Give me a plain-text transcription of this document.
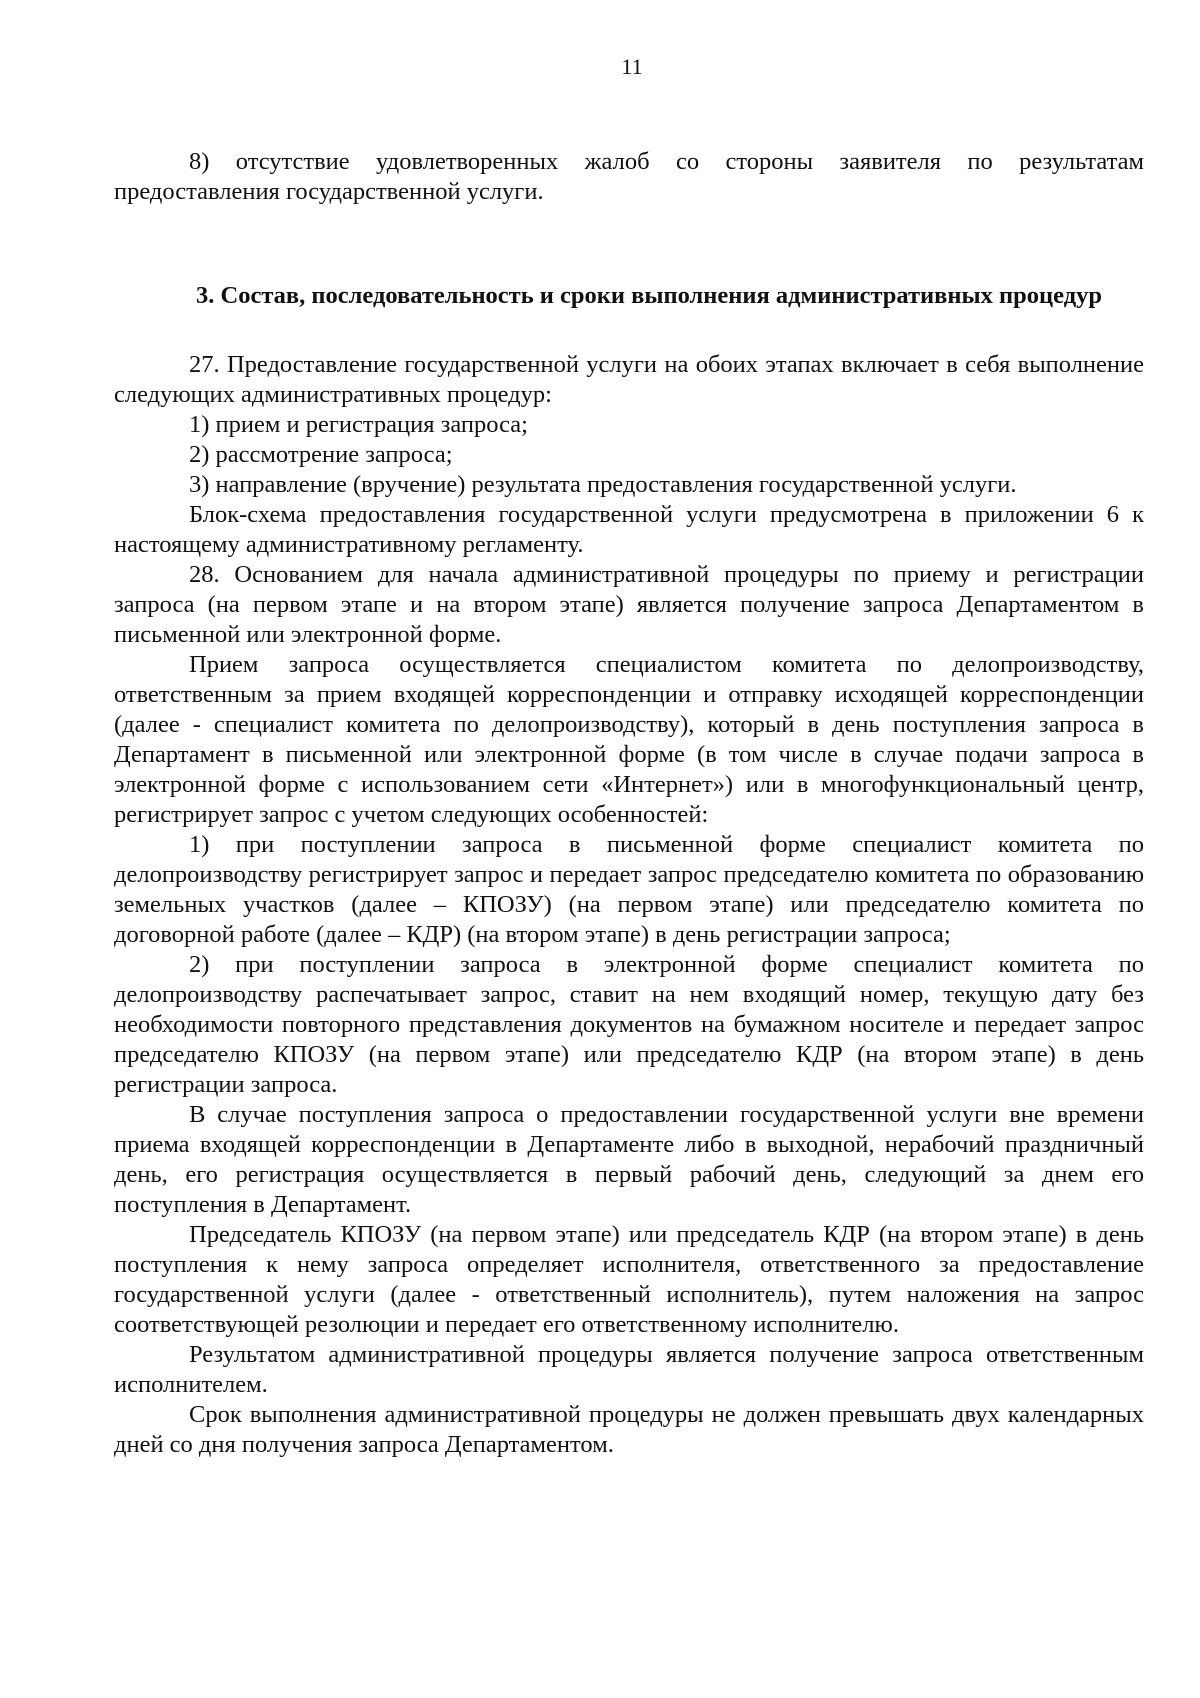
11

8) отсутствие удовлетворенных жалоб со стороны заявителя по результатам предоставления государственной услуги.

3. Состав, последовательность и сроки выполнения административных процедур

27. Предоставление государственной услуги на обоих этапах включает в себя выполнение следующих административных процедур:

1) прием и регистрация запроса;

2) рассмотрение запроса;

3) направление (вручение) результата предоставления государственной услуги.

Блок-схема предоставления государственной услуги предусмотрена в приложении 6 к настоящему административному регламенту.

28. Основанием для начала административной процедуры по приему и регистрации запроса (на первом этапе и на втором этапе) является получение запроса Департаментом в письменной или электронной форме.

Прием запроса осуществляется специалистом комитета по делопроизводству, ответственным за прием входящей корреспонденции и отправку исходящей корреспонденции (далее - специалист комитета по делопроизводству), который в день поступления запроса в Департамент в письменной или электронной форме (в том числе в случае подачи запроса в электронной форме с использованием сети «Интернет») или в многофункциональный центр, регистрирует запрос с учетом следующих особенностей:

1) при поступлении запроса в письменной форме специалист комитета по делопроизводству регистрирует запрос и передает запрос председателю комитета по образованию земельных участков (далее – КПОЗУ) (на первом этапе) или председателю комитета по договорной работе (далее – КДР) (на втором этапе) в день регистрации запроса;

2) при поступлении запроса в электронной форме специалист комитета по делопроизводству распечатывает запрос, ставит на нем входящий номер, текущую дату без необходимости повторного представления документов на бумажном носителе и передает запрос председателю КПОЗУ (на первом этапе) или председателю КДР (на втором этапе) в день регистрации запроса.

В случае поступления запроса о предоставлении государственной услуги вне времени приема входящей корреспонденции в Департаменте либо в выходной, нерабочий праздничный день, его регистрация осуществляется в первый рабочий день, следующий за днем его поступления в Департамент.

Председатель КПОЗУ (на первом этапе) или председатель КДР (на втором этапе) в день поступления к нему запроса определяет исполнителя, ответственного за предоставление государственной услуги (далее - ответственный исполнитель), путем наложения на запрос соответствующей резолюции и передает его ответственному исполнителю.

Результатом административной процедуры является получение запроса ответственным исполнителем.

Срок выполнения административной процедуры не должен превышать двух календарных дней со дня получения запроса Департаментом.
